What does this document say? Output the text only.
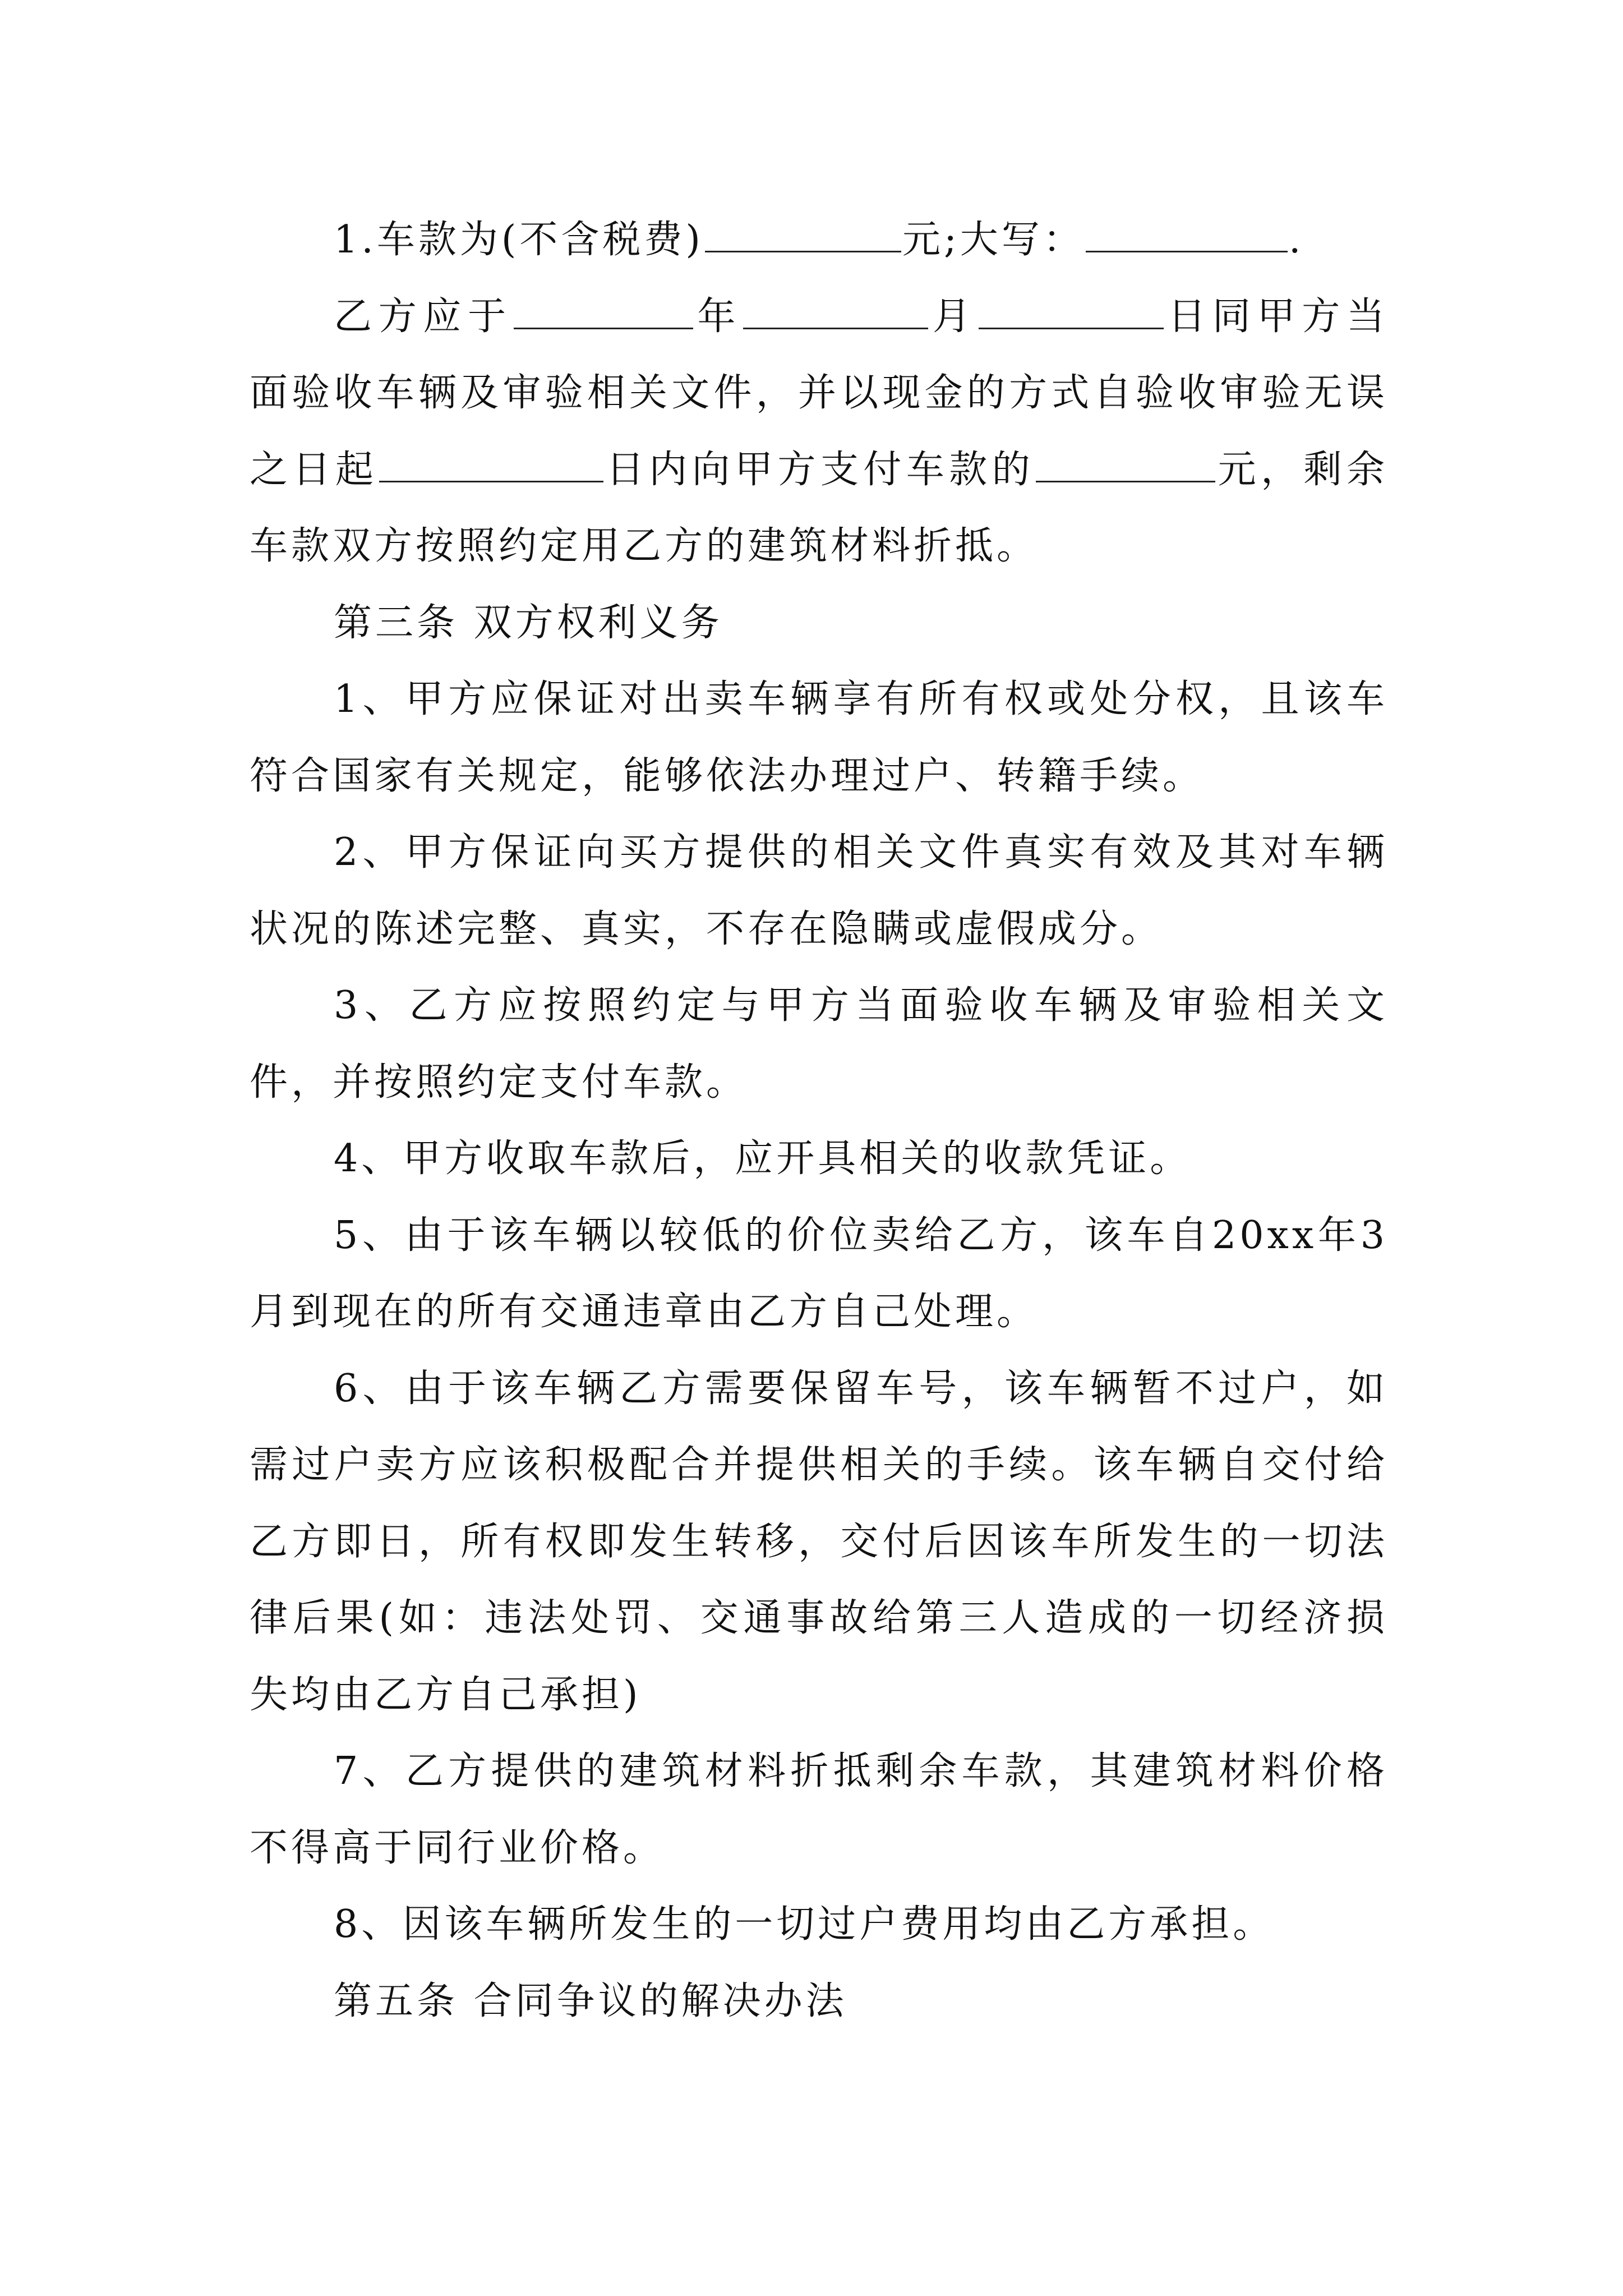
1.车款为(不含税费)	元;大写：	.

乙方应于	年	月	日同甲方当面验收车辆及审验相关文件，并以现金的方式自验收审验无误之日起	日内向甲方支付车款的	元，剩余车款双方按照约定用乙方的建筑材料折抵。

第三条 双方权利义务

1、甲方应保证对出卖车辆享有所有权或处分权，且该车符合国家有关规定，能够依法办理过户、转籍手续。

2、甲方保证向买方提供的相关文件真实有效及其对车辆状况的陈述完整、真实，不存在隐瞒或虚假成分。

3、乙方应按照约定与甲方当面验收车辆及审验相关文件，并按照约定支付车款。

4、甲方收取车款后，应开具相关的收款凭证。

5、由于该车辆以较低的价位卖给乙方，该车自20xx年3月到现在的所有交通违章由乙方自己处理。

6、由于该车辆乙方需要保留车号，该车辆暂不过户，如需过户卖方应该积极配合并提供相关的手续。该车辆自交付给乙方即日，所有权即发生转移，交付后因该车所发生的一切法律后果(如：违法处罚、交通事故给第三人造成的一切经济损失均由乙方自己承担)

7、乙方提供的建筑材料折抵剩余车款，其建筑材料价格不得高于同行业价格。

8、因该车辆所发生的一切过户费用均由乙方承担。

第五条 合同争议的解决办法
